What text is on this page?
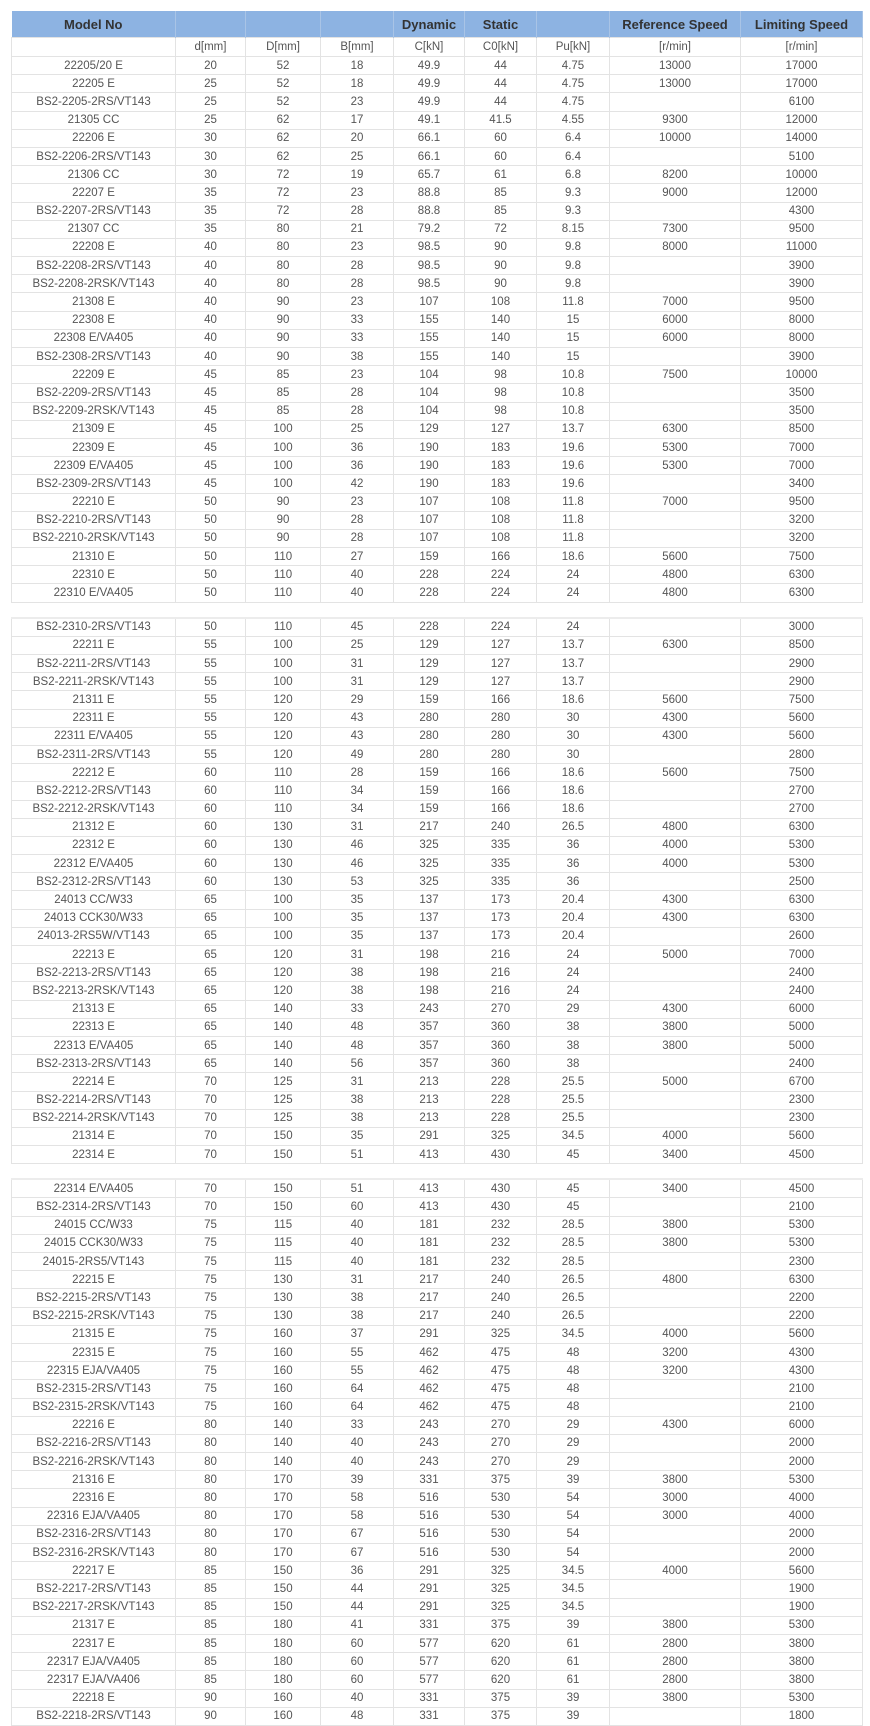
Model No				Dynamic	Static		Reference Speed	Limiting Speed
	d[mm]	D[mm]	B[mm]	C[kN]	C0[kN]	Pu[kN]	[r/min]	[r/min]
22205/20 E	20	52	18	49.9	44	4.75	13000	17000
22205 E	25	52	18	49.9	44	4.75	13000	17000
BS2-2205-2RS/VT143	25	52	23	49.9	44	4.75		6100
21305 CC	25	62	17	49.1	41.5	4.55	9300	12000
22206 E	30	62	20	66.1	60	6.4	10000	14000
BS2-2206-2RS/VT143	30	62	25	66.1	60	6.4		5100
21306 CC	30	72	19	65.7	61	6.8	8200	10000
22207 E	35	72	23	88.8	85	9.3	9000	12000
BS2-2207-2RS/VT143	35	72	28	88.8	85	9.3		4300
21307 CC	35	80	21	79.2	72	8.15	7300	9500
22208 E	40	80	23	98.5	90	9.8	8000	11000
BS2-2208-2RS/VT143	40	80	28	98.5	90	9.8		3900
BS2-2208-2RSK/VT143	40	80	28	98.5	90	9.8		3900
21308 E	40	90	23	107	108	11.8	7000	9500
22308 E	40	90	33	155	140	15	6000	8000
22308 E/VA405	40	90	33	155	140	15	6000	8000
BS2-2308-2RS/VT143	40	90	38	155	140	15		3900
22209 E	45	85	23	104	98	10.8	7500	10000
BS2-2209-2RS/VT143	45	85	28	104	98	10.8		3500
BS2-2209-2RSK/VT143	45	85	28	104	98	10.8		3500
21309 E	45	100	25	129	127	13.7	6300	8500
22309 E	45	100	36	190	183	19.6	5300	7000
22309 E/VA405	45	100	36	190	183	19.6	5300	7000
BS2-2309-2RS/VT143	45	100	42	190	183	19.6		3400
22210 E	50	90	23	107	108	11.8	7000	9500
BS2-2210-2RS/VT143	50	90	28	107	108	11.8		3200
BS2-2210-2RSK/VT143	50	90	28	107	108	11.8		3200
21310 E	50	110	27	159	166	18.6	5600	7500
22310 E	50	110	40	228	224	24	4800	6300
22310 E/VA405	50	110	40	228	224	24	4800	6300

BS2-2310-2RS/VT143	50	110	45	228	224	24		3000
22211 E	55	100	25	129	127	13.7	6300	8500
BS2-2211-2RS/VT143	55	100	31	129	127	13.7		2900
BS2-2211-2RSK/VT143	55	100	31	129	127	13.7		2900
21311 E	55	120	29	159	166	18.6	5600	7500
22311 E	55	120	43	280	280	30	4300	5600
22311 E/VA405	55	120	43	280	280	30	4300	5600
BS2-2311-2RS/VT143	55	120	49	280	280	30		2800
22212 E	60	110	28	159	166	18.6	5600	7500
BS2-2212-2RS/VT143	60	110	34	159	166	18.6		2700
BS2-2212-2RSK/VT143	60	110	34	159	166	18.6		2700
21312 E	60	130	31	217	240	26.5	4800	6300
22312 E	60	130	46	325	335	36	4000	5300
22312 E/VA405	60	130	46	325	335	36	4000	5300
BS2-2312-2RS/VT143	60	130	53	325	335	36		2500
24013 CC/W33	65	100	35	137	173	20.4	4300	6300
24013 CCK30/W33	65	100	35	137	173	20.4	4300	6300
24013-2RS5W/VT143	65	100	35	137	173	20.4		2600
22213 E	65	120	31	198	216	24	5000	7000
BS2-2213-2RS/VT143	65	120	38	198	216	24		2400
BS2-2213-2RSK/VT143	65	120	38	198	216	24		2400
21313 E	65	140	33	243	270	29	4300	6000
22313 E	65	140	48	357	360	38	3800	5000
22313 E/VA405	65	140	48	357	360	38	3800	5000
BS2-2313-2RS/VT143	65	140	56	357	360	38		2400
22214 E	70	125	31	213	228	25.5	5000	6700
BS2-2214-2RS/VT143	70	125	38	213	228	25.5		2300
BS2-2214-2RSK/VT143	70	125	38	213	228	25.5		2300
21314 E	70	150	35	291	325	34.5	4000	5600
22314 E	70	150	51	413	430	45	3400	4500

22314 E/VA405	70	150	51	413	430	45	3400	4500
BS2-2314-2RS/VT143	70	150	60	413	430	45		2100
24015 CC/W33	75	115	40	181	232	28.5	3800	5300
24015 CCK30/W33	75	115	40	181	232	28.5	3800	5300
24015-2RS5/VT143	75	115	40	181	232	28.5		2300
22215 E	75	130	31	217	240	26.5	4800	6300
BS2-2215-2RS/VT143	75	130	38	217	240	26.5		2200
BS2-2215-2RSK/VT143	75	130	38	217	240	26.5		2200
21315 E	75	160	37	291	325	34.5	4000	5600
22315 E	75	160	55	462	475	48	3200	4300
22315 EJA/VA405	75	160	55	462	475	48	3200	4300
BS2-2315-2RS/VT143	75	160	64	462	475	48		2100
BS2-2315-2RSK/VT143	75	160	64	462	475	48		2100
22216 E	80	140	33	243	270	29	4300	6000
BS2-2216-2RS/VT143	80	140	40	243	270	29		2000
BS2-2216-2RSK/VT143	80	140	40	243	270	29		2000
21316 E	80	170	39	331	375	39	3800	5300
22316 E	80	170	58	516	530	54	3000	4000
22316 EJA/VA405	80	170	58	516	530	54	3000	4000
BS2-2316-2RS/VT143	80	170	67	516	530	54		2000
BS2-2316-2RSK/VT143	80	170	67	516	530	54		2000
22217 E	85	150	36	291	325	34.5	4000	5600
BS2-2217-2RS/VT143	85	150	44	291	325	34.5		1900
BS2-2217-2RSK/VT143	85	150	44	291	325	34.5		1900
21317 E	85	180	41	331	375	39	3800	5300
22317 E	85	180	60	577	620	61	2800	3800
22317 EJA/VA405	85	180	60	577	620	61	2800	3800
22317 EJA/VA406	85	180	60	577	620	61	2800	3800
22218 E	90	160	40	331	375	39	3800	5300
BS2-2218-2RS/VT143	90	160	48	331	375	39		1800
